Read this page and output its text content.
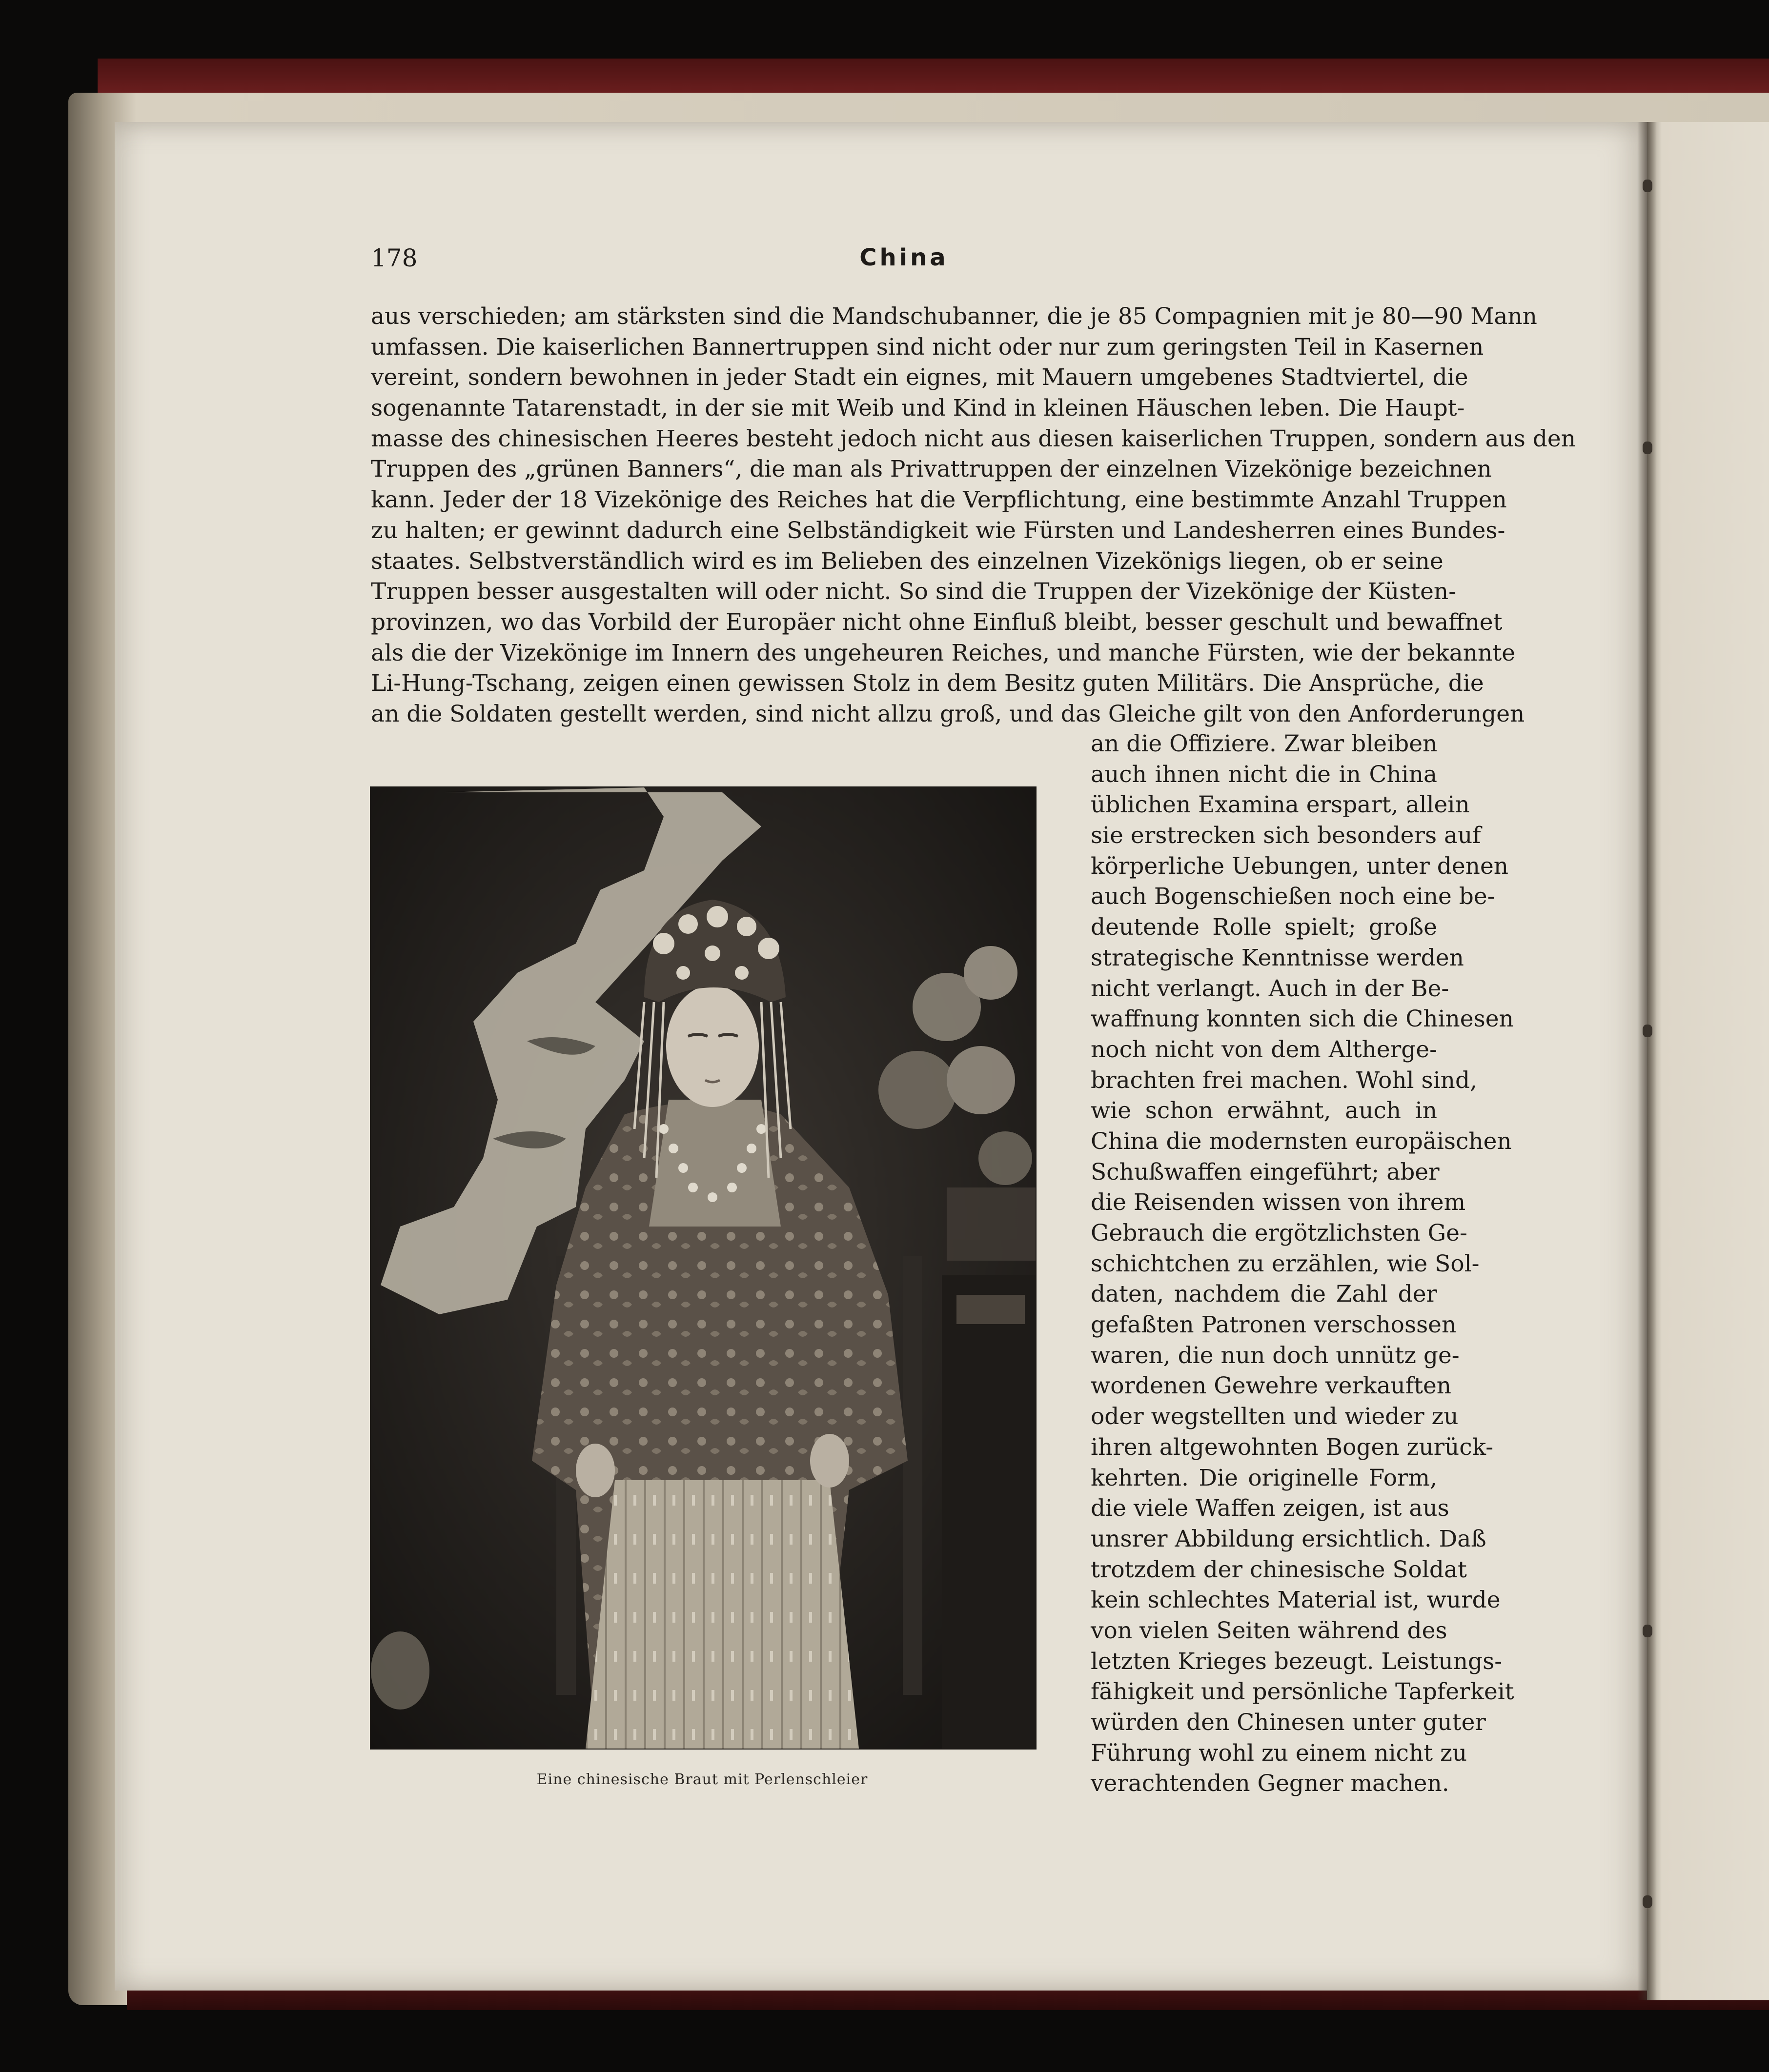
178	China
aus verschieden; am stärksten sind die Mandschubanner, die je 85 Compagnien mit je 80—90 Mann
umfassen. Die kaiserlichen Bannertruppen sind nicht oder nur zum geringsten Teil in Kasernen
vereint, sondern bewohnen in jeder Stadt ein eignes, mit Mauern umgebenes Stadtviertel, die
sogenannte Tatarenstadt, in der sie mit Weib und Kind in kleinen Häuschen leben. Die Haupt-
masse des chinesischen Heeres besteht jedoch nicht aus diesen kaiserlichen Truppen, sondern aus den
Truppen des „grünen Banners“, die man als Privattruppen der einzelnen Vizekönige bezeichnen
kann. Jeder der 18 Vizekönige des Reiches hat die Verpflichtung, eine bestimmte Anzahl Truppen
zu halten; er gewinnt dadurch eine Selbständigkeit wie Fürsten und Landesherren eines Bundes-
staates. Selbstverständlich wird es im Belieben des einzelnen Vizekönigs liegen, ob er seine
Truppen besser ausgestalten will oder nicht. So sind die Truppen der Vizekönige der Küsten-
provinzen, wo das Vorbild der Europäer nicht ohne Einfluß bleibt, besser geschult und bewaffnet
als die der Vizekönige im Innern des ungeheuren Reiches, und manche Fürsten, wie der bekannte
Li-Hung-Tschang, zeigen einen gewissen Stolz in dem Besitz guten Militärs. Die Ansprüche, die
an die Soldaten gestellt werden, sind nicht allzu groß, und das Gleiche gilt von den Anforderungen
an die Offiziere. Zwar bleiben
auch ihnen nicht die in China
üblichen Examina erspart, allein
sie erstrecken sich besonders auf
körperliche Uebungen, unter denen
auch Bogenschießen noch eine be-
deutende Rolle spielt; große
strategische Kenntnisse werden
nicht verlangt. Auch in der Be-
waffnung konnten sich die Chinesen
noch nicht von dem Altherge-
brachten frei machen. Wohl sind,
wie schon erwähnt, auch in
China die modernsten europäischen
Schußwaffen eingeführt; aber
die Reisenden wissen von ihrem
Gebrauch die ergötzlichsten Ge-
schichtchen zu erzählen, wie Sol-
daten, nachdem die Zahl der
gefaßten Patronen verschossen
waren, die nun doch unnütz ge-
wordenen Gewehre verkauften
oder wegstellten und wieder zu
ihren altgewohnten Bogen zurück-
kehrten. Die originelle Form,
die viele Waffen zeigen, ist aus
unsrer Abbildung ersichtlich. Daß
trotzdem der chinesische Soldat
kein schlechtes Material ist, wurde
von vielen Seiten während des
letzten Krieges bezeugt. Leistungs-
fähigkeit und persönliche Tapferkeit
würden den Chinesen unter guter
Führung wohl zu einem nicht zu
verachtenden Gegner machen.
Eine chinesische Braut mit Perlenschleier
